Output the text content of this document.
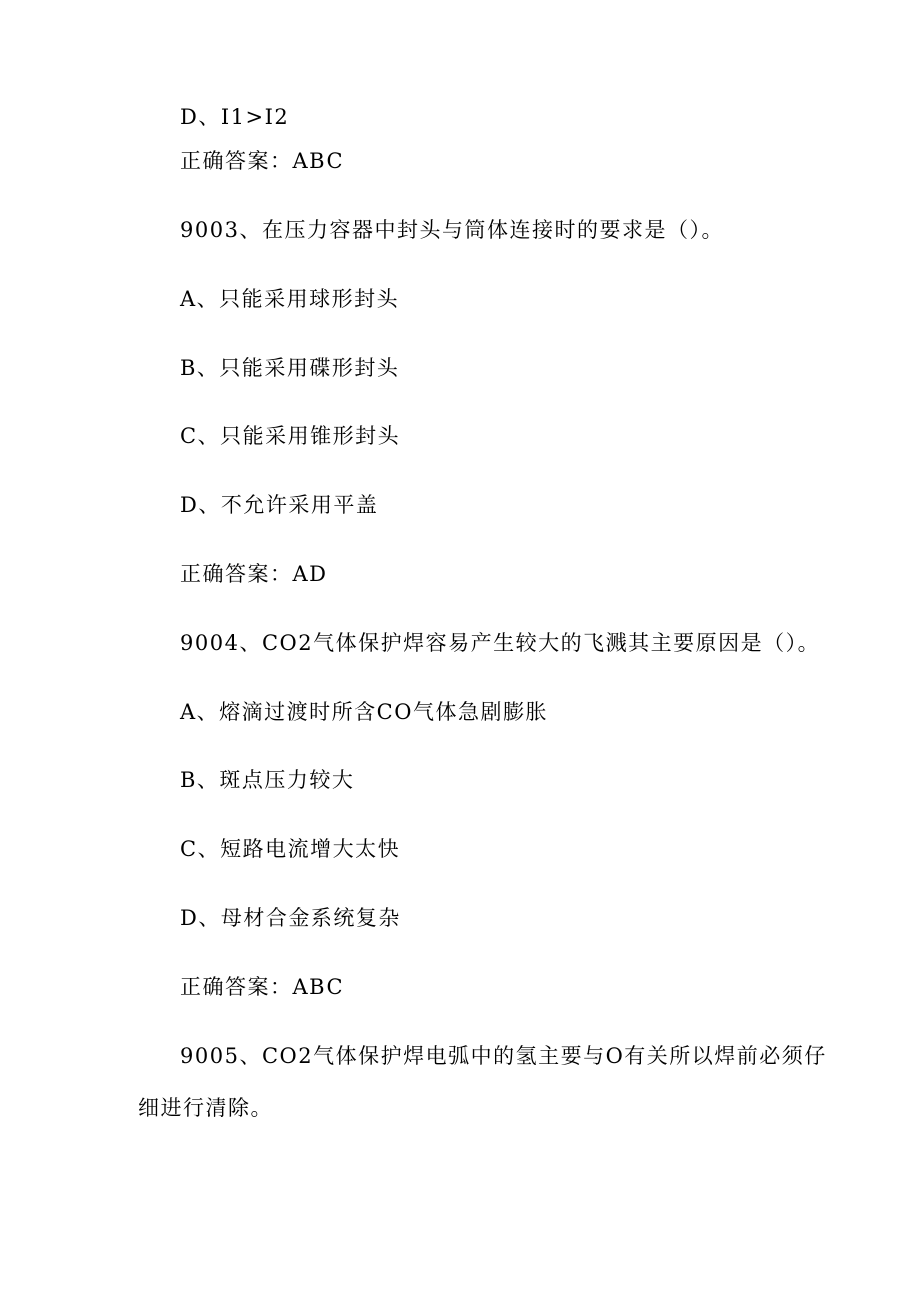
D、I1>I2
正确答案：ABC
9003、在压力容器中封头与筒体连接时的要求是（）。
A、只能采用球形封头
B、只能采用碟形封头
C、只能采用锥形封头
D、不允许采用平盖
正确答案：AD
9004、CO2气体保护焊容易产生较大的飞溅其主要原因是（）。
A、熔滴过渡时所含CO气体急剧膨胀
B、斑点压力较大
C、短路电流增大太快
D、母材合金系统复杂
正确答案：ABC
9005、CO2气体保护焊电弧中的氢主要与O有关所以焊前必须仔
细进行清除。
